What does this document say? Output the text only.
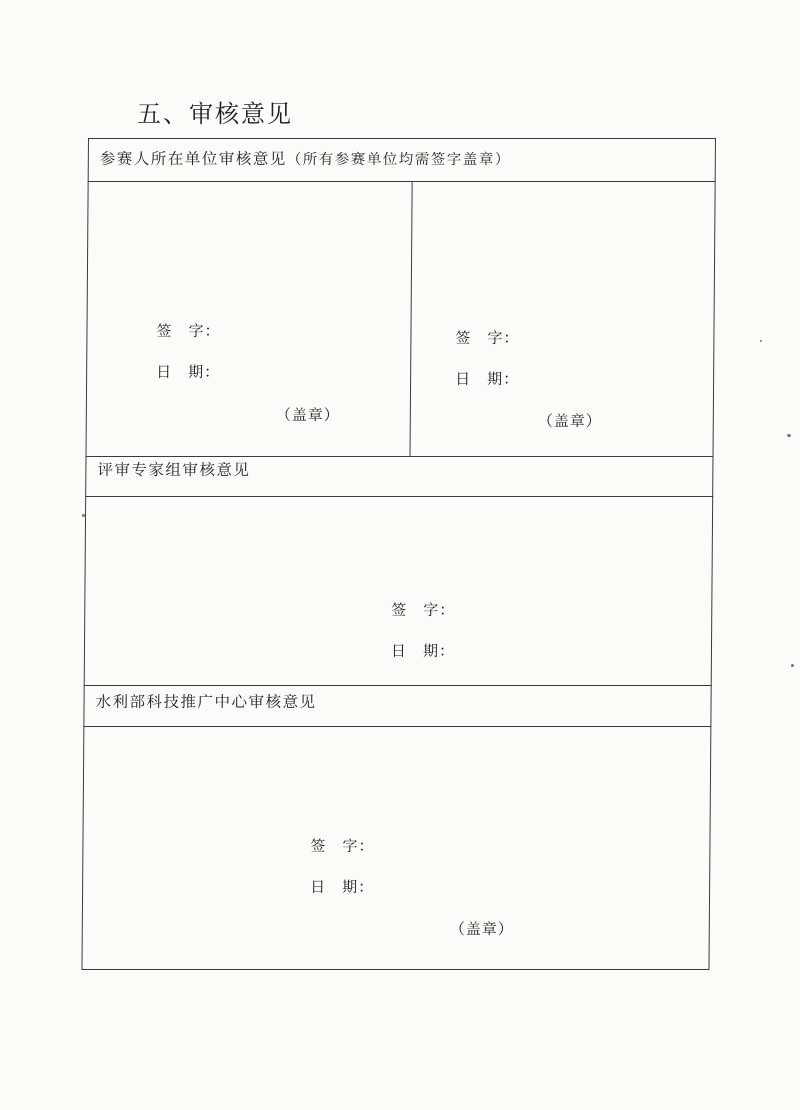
五、审核意见
参赛人所在单位审核意见（所有参赛单位均需签字盖章）
签 字：
日 期：
（盖章）
签 字：
日 期：
（盖章）
评审专家组审核意见
签 字：
日 期：
水利部科技推广中心审核意见
签 字：
日 期：
（盖章）
